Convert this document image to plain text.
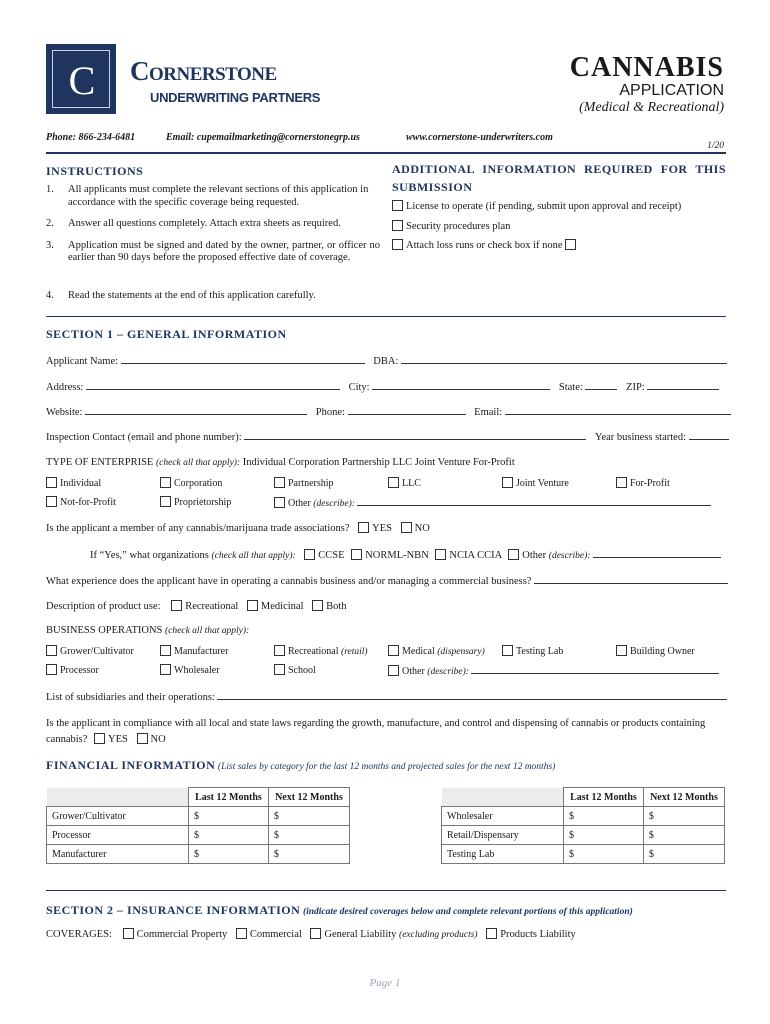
C	Cornerstone
UNDERWRITING PARTNERS
CANNABIS
APPLICATION
(Medical & Recreational)
Phone: 866-234-6481	Email: cupemailmarketing@cornerstonegrp.us	www.cornerstone-underwriters.com
1/20
INSTRUCTIONS
1.	All applicants must complete the relevant sections of this application in accordance with the specific coverage being requested.
2.	Answer all questions completely. Attach extra sheets as required.
3.	Application must be signed and dated by the owner, partner, or officer no earlier than 90 days before the proposed effective date of coverage.
4.	Read the statements at the end of this application carefully.
ADDITIONAL INFORMATION REQUIRED FOR THIS SUBMISSION
License to operate (if pending, submit upon approval and receipt)
Security procedures plan
Attach loss runs or check box if none
SECTION 1 – GENERAL INFORMATION
Applicant Name:	DBA:
Address:	City:	State:	ZIP:
Website:	Phone:	Email:
Inspection Contact (email and phone number):	Year business started:
TYPE OF ENTERPRISE (check all that apply): Individual Corporation Partnership LLC Joint Venture For-Profit
Individual	Corporation	Partnership	LLC	Joint Venture	For-Profit
Not-for-Profit	Proprietorship	Other (describe):
Is the applicant a member of any cannabis/marijuana trade associations? YES NO
If “Yes,” what organizations (check all that apply): CCSE NORML-NBN NCIA CCIA Other (describe):
What experience does the applicant have in operating a cannabis business and/or managing a commercial business?
Description of product use: Recreational Medicinal Both
BUSINESS OPERATIONS (check all that apply):
Grower/Cultivator	Manufacturer	Recreational (retail)	Medical (dispensary)	Testing Lab	Building Owner
Processor	Wholesaler	School	Other (describe):
List of subsidiaries and their operations:
Is the applicant in compliance with all local and state laws regarding the growth, manufacture, and control and dispensing of cannabis or products containing cannabis? YES NO
FINANCIAL INFORMATION (List sales by category for the last 12 months and projected sales for the next 12 months)
	Last 12 Months	Next 12 Months
Grower/Cultivator	$	$
Processor	$	$
Manufacturer	$	$
	Last 12 Months	Next 12 Months
Wholesaler	$	$
Retail/Dispensary	$	$
Testing Lab	$	$
SECTION 2 – INSURANCE INFORMATION (indicate desired coverages below and complete relevant portions of this application)
COVERAGES: Commercial Property Commercial General Liability (excluding products) Products Liability
Page 1
